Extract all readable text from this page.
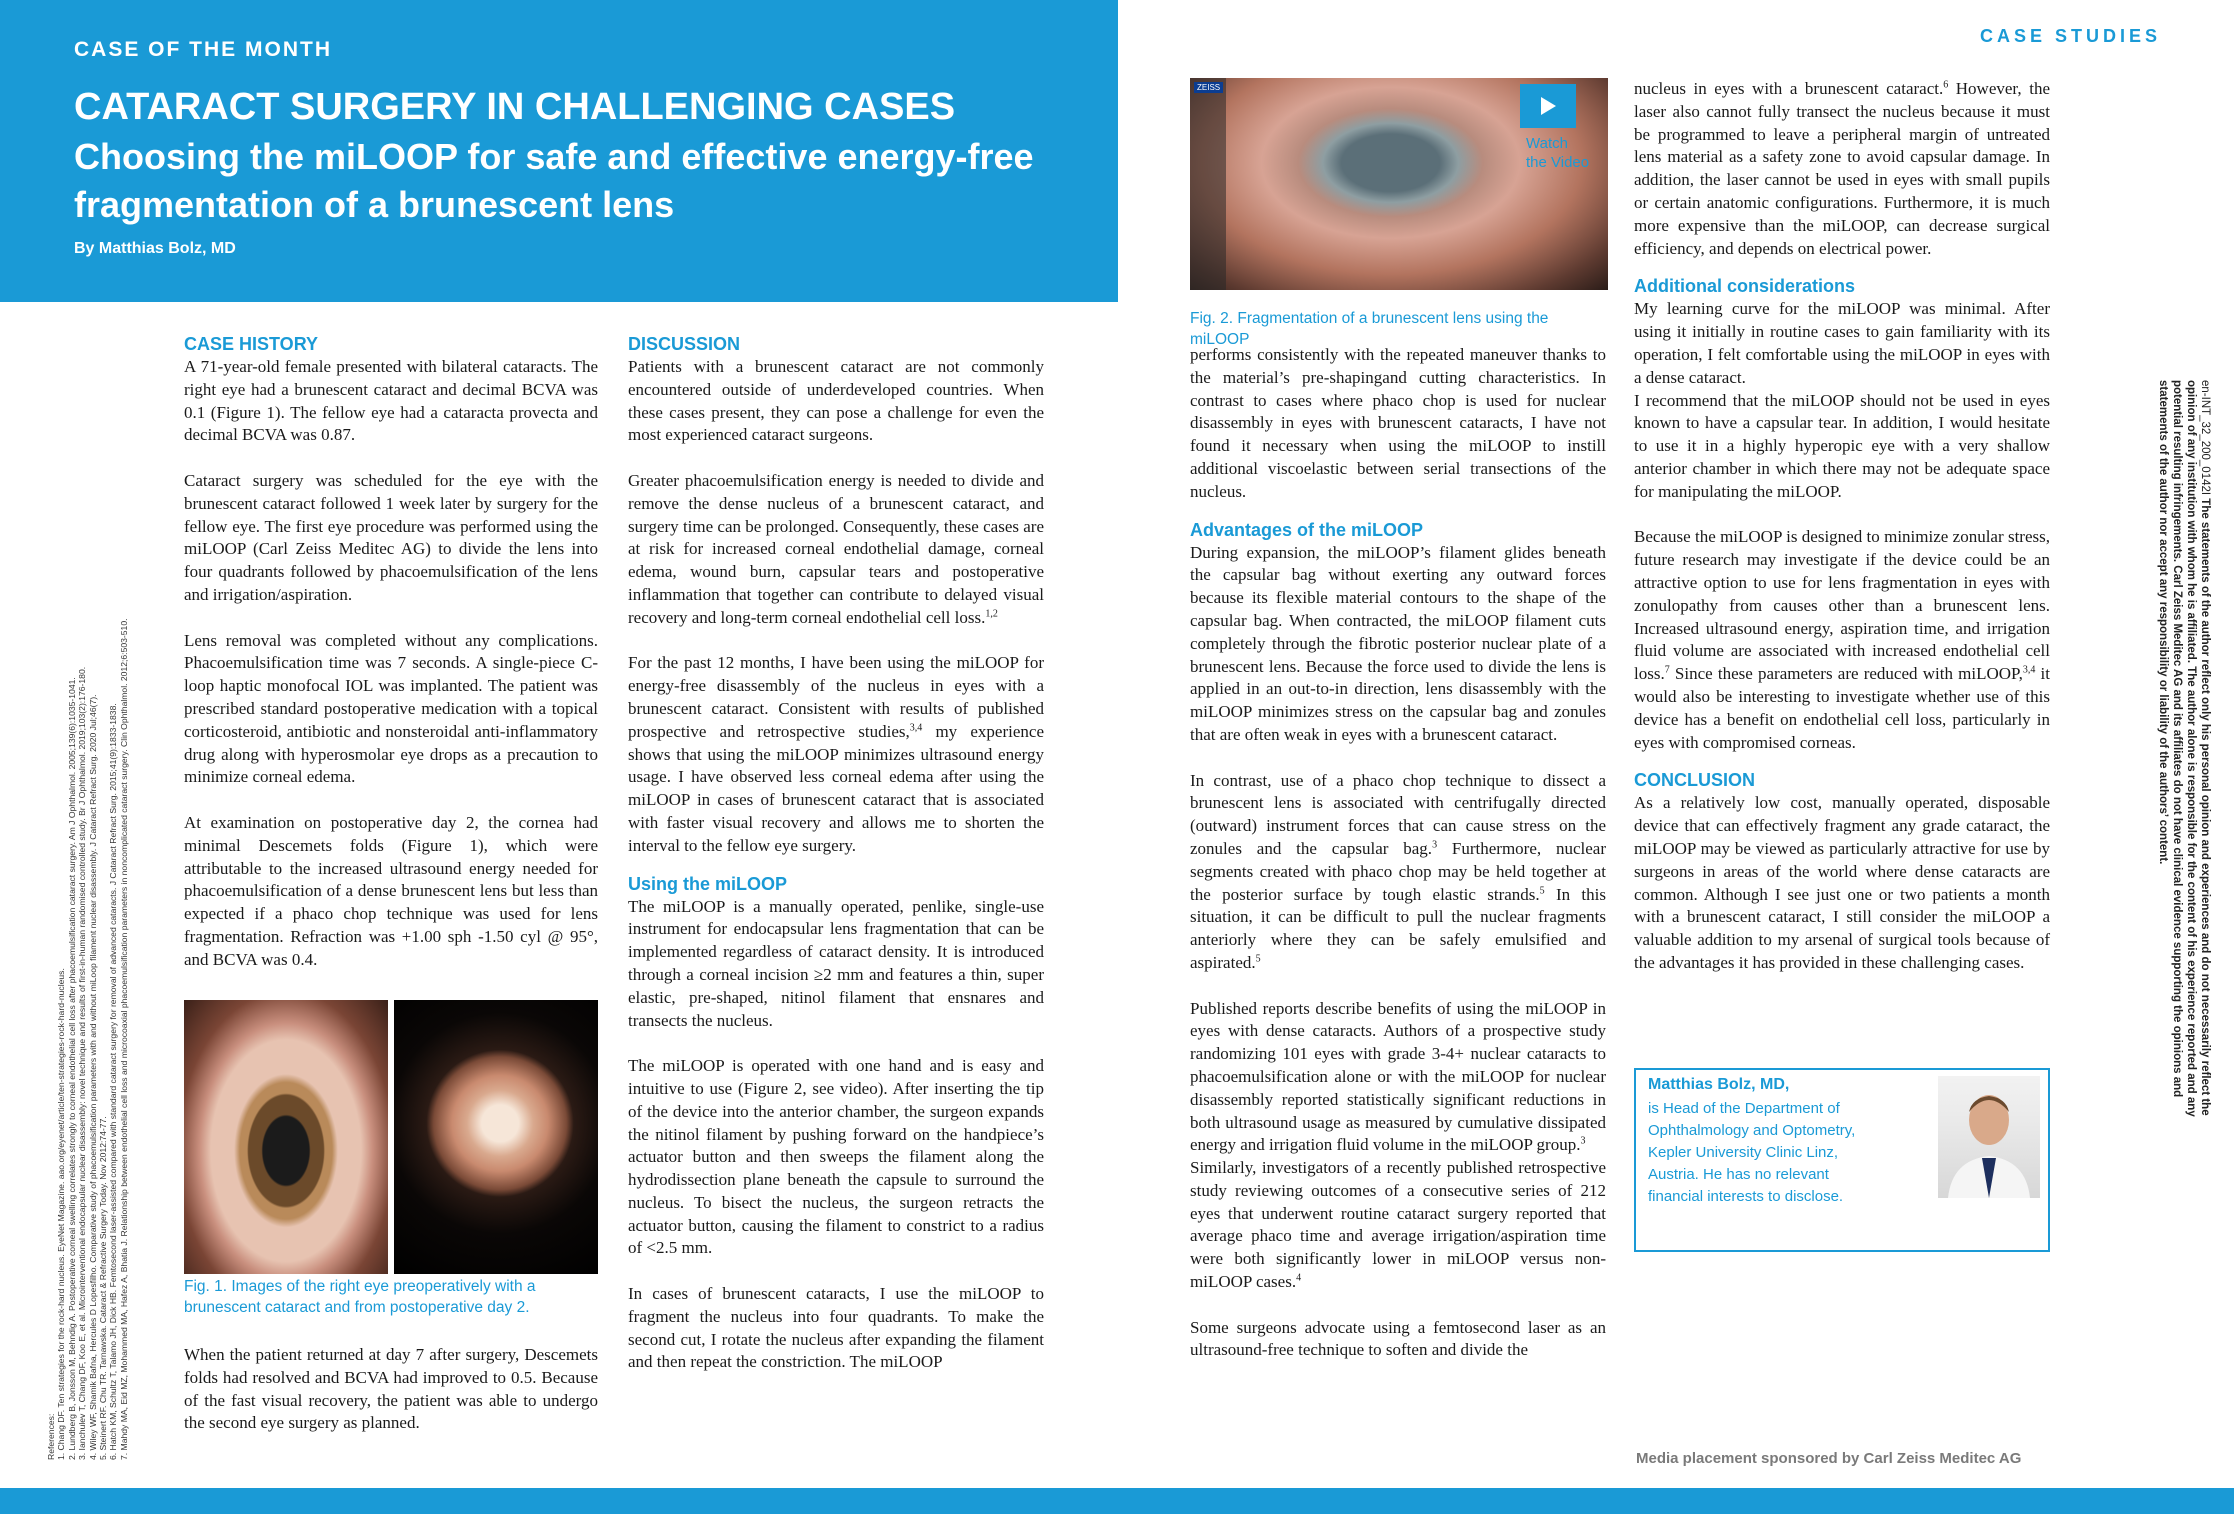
CASE OF THE MONTH
CATARACT SURGERY IN CHALLENGING CASES
Choosing the miLOOP for safe and effective energy-free fragmentation of a brunescent lens
By Matthias Bolz, MD
CASE STUDIES
References: 1. Chang DF. Ten strategies for the rock-hard nucleus. EyeNet Magazine. aao.org/eyenet/article/ten-strategies-rock-hard-nucleus. 2. Lundberg B, Jonsson M, Behndig A. Postoperative corneal swelling correlates strongly to corneal endothelial cell loss after phacoemulsification cataract surgery. Am J Ophthalmol. 2005;139(6):1035-1041. 3. Ianchulev T, Chang DF, Koo E, et al. Microinterventional endocapsular nuclear disassembly: novel technique and results of first-in-human randomised controlled study. Br J Ophthalmol. 2019;103(2):176-180. 4. Wiley WF, Shamik Bafna, Hercules D Lopesfilho. Comparative study of phacoemulsification parameters with and without miLoop filament nuclear disassembly. J Cataract Refract Surg. 2020 Jul;46(7). 5. Steinert RF. Chu TR. Tarnawska. Cataract & Refractive Surgery Today. Nov 2012:74-77. 6. Hatch KM, Schultz T, Talamo JH, Dick HB. Femtosecond laser-assisted compared with standard cataract surgery for removal of advanced cataracts. J Cataract Refract Surg. 2015;41(9):1833-1838. 7. Mahdy MA, Eid MZ, Mohammed MA, Hafez A, Bhatia J. Relationship between endothelial cell loss and microcoaxial phacoemulsification parameters in noncomplicated cataract surgery. Clin Ophthalmol. 2012;6:503-510.
CASE HISTORY

A 71-year-old female presented with bilateral cataracts. The right eye had a brunescent cataract and decimal BCVA was 0.1 (Figure 1). The fellow eye had a cataracta provecta and decimal BCVA was 0.87.

Cataract surgery was scheduled for the eye with the brunescent cataract followed 1 week later by surgery for the fellow eye. The first eye procedure was performed using the miLOOP (Carl Zeiss Meditec AG) to divide the lens into four quadrants followed by phacoemulsification of the lens and irrigation/aspiration.

Lens removal was completed without any complications. Phacoemulsification time was 7 seconds. A single-piece C-loop haptic monofocal IOL was implanted. The patient was prescribed standard postoperative medication with a topical corticosteroid, antibiotic and nonsteroidal anti-inflammatory drug along with hyperosmolar eye drops as a precaution to minimize corneal edema.

At examination on postoperative day 2, the cornea had minimal Descemets folds (Figure 1), which were attributable to the increased ultrasound energy needed for phacoemulsification of a dense brunescent lens but less than expected if a phaco chop technique was used for lens fragmentation. Refraction was +1.00 sph -1.50 cyl @ 95°, and BCVA was 0.4.

Fig. 1. Images of the right eye preoperatively with a brunescent cataract and from postoperative day 2.

When the patient returned at day 7 after surgery, Descemets folds had resolved and BCVA had improved to 0.5. Because of the fast visual recovery, the patient was able to undergo the second eye surgery as planned.

DISCUSSION

Patients with a brunescent cataract are not commonly encountered outside of underdeveloped countries. When these cases present, they can pose a challenge for even the most experienced cataract surgeons.

Greater phacoemulsification energy is needed to divide and remove the dense nucleus of a brunescent cataract, and surgery time can be prolonged. Consequently, these cases are at risk for increased corneal endothelial damage, corneal edema, wound burn, capsular tears and postoperative inflammation that together can contribute to delayed visual recovery and long-term corneal endothelial cell loss.$^{1,2}$

For the past 12 months, I have been using the miLOOP for energy-free disassembly of the nucleus in eyes with a brunescent cataract. Consistent with results of published prospective and retrospective studies,$^{3,4}$ my experience shows that using the miLOOP minimizes ultrasound energy usage. I have observed less corneal edema after using the miLOOP in cases of brunescent cataract that is associated with faster visual recovery and allows me to shorten the interval to the fellow eye surgery.

Using the miLOOP

The miLOOP is a manually operated, penlike, single-use instrument for endocapsular lens fragmentation that can be implemented regardless of cataract density. It is introduced through a corneal incision ≥2 mm and features a thin, super elastic, pre-shaped, nitinol filament that ensnares and transects the nucleus.

The miLOOP is operated with one hand and is easy and intuitive to use (Figure 2, see video). After inserting the tip of the device into the anterior chamber, the surgeon expands the nitinol filament by pushing forward on the handpiece’s actuator button and then sweeps the filament along the hydrodissection plane beneath the capsule to surround the nucleus. To bisect the nucleus, the surgeon retracts the actuator button, causing the filament to constrict to a radius of <2.5 mm.

In cases of brunescent cataracts, I use the miLOOP to fragment the nucleus into four quadrants. To make the second cut, I rotate the nucleus after expanding the filament and then repeat the constriction. The miLOOP

ZEISS
Watch
the Video
Fig. 2. Fragmentation of a brunescent lens using the miLOOP

performs consistently with the repeated maneuver thanks to the material’s pre-shapingand cutting characteristics. In contrast to cases where phaco chop is used for nuclear disassembly in eyes with brunescent cataracts, I have not found it necessary when using the miLOOP to instill additional viscoelastic between serial transections of the nucleus.

Advantages of the miLOOP

During expansion, the miLOOP’s filament glides beneath the capsular bag without exerting any outward forces because its flexible material contours to the shape of the capsular bag. When contracted, the miLOOP filament cuts completely through the fibrotic posterior nuclear plate of a brunescent lens. Because the force used to divide the lens is applied in an out-to-in direction, lens disassembly with the miLOOP minimizes stress on the capsular bag and zonules that are often weak in eyes with a brunescent cataract.

In contrast, use of a phaco chop technique to dissect a brunescent lens is associated with centrifugally directed (outward) instrument forces that can cause stress on the zonules and the capsular bag.$^3$ Furthermore, nuclear segments created with phaco chop may be held together at the posterior surface by tough elastic strands.$^5$ In this situation, it can be difficult to pull the nuclear fragments anteriorly where they can be safely emulsified and aspirated.$^5$

Published reports describe benefits of using the miLOOP in eyes with dense cataracts. Authors of a prospective study randomizing 101 eyes with grade 3-4+ nuclear cataracts to phacoemulsification alone or with the miLOOP for nuclear disassembly reported statistically significant reductions in both ultrasound usage as measured by cumulative dissipated energy and irrigation fluid volume in the miLOOP group.$^3$

Similarly, investigators of a recently published retrospective study reviewing outcomes of a consecutive series of 212 eyes that underwent routine cataract surgery reported that average phaco time and average irrigation/aspiration time were both significantly lower in miLOOP versus non-miLOOP cases.$^4$

Some surgeons advocate using a femtosecond laser as an ultrasound-free technique to soften and divide the

nucleus in eyes with a brunescent cataract.$^6$ However, the laser also cannot fully transect the nucleus because it must be programmed to leave a peripheral margin of untreated lens material as a safety zone to avoid capsular damage. In addition, the laser cannot be used in eyes with small pupils or certain anatomic configurations. Furthermore, it is much more expensive than the miLOOP, can decrease surgical efficiency, and depends on electrical power.

Additional considerations

My learning curve for the miLOOP was minimal. After using it initially in routine cases to gain familiarity with its operation, I felt comfortable using the miLOOP in eyes with a dense cataract.

I recommend that the miLOOP should not be used in eyes known to have a capsular tear. In addition, I would hesitate to use it in a highly hyperopic eye with a very shallow anterior chamber in which there may not be adequate space for manipulating the miLOOP.

Because the miLOOP is designed to minimize zonular stress, future research may investigate if the device could be an attractive option to use for lens fragmentation in eyes with zonulopathy from causes other than a brunescent lens. Increased ultrasound energy, aspiration time, and irrigation fluid volume are associated with increased endothelial cell loss.$^7$ Since these parameters are reduced with miLOOP,$^{3,4}$ it would also be interesting to investigate whether use of this device has a benefit on endothelial cell loss, particularly in eyes with compromised corneas.

CONCLUSION

As a relatively low cost, manually operated, disposable device that can effectively fragment any grade cataract, the miLOOP may be viewed as particularly attractive for use by surgeons in areas of the world where dense cataracts are common. Although I see just one or two patients a month with a brunescent cataract, I still consider the miLOOP a valuable addition to my arsenal of surgical tools because of the advantages it has provided in these challenging cases.

Matthias Bolz, MD,
is Head of the Department of Ophthalmology and Optometry, Kepler University Clinic Linz, Austria. He has no relevant financial interests to disclose.
en-INT_32_200_0142I The statements of the author reflect only his personal opinion and experiences and do not necessarily reflect the opinion of any institution with whom he is affiliated. The author alone is responsible for the content of his experience reported and any potential resulting infringements. Carl Zeiss Meditec AG and its affiliates do not have clinical evidence supporting the opinions and statements of the author nor accept any responsibility or liability of the authors’ content.
Media placement sponsored by Carl Zeiss Meditec AG
